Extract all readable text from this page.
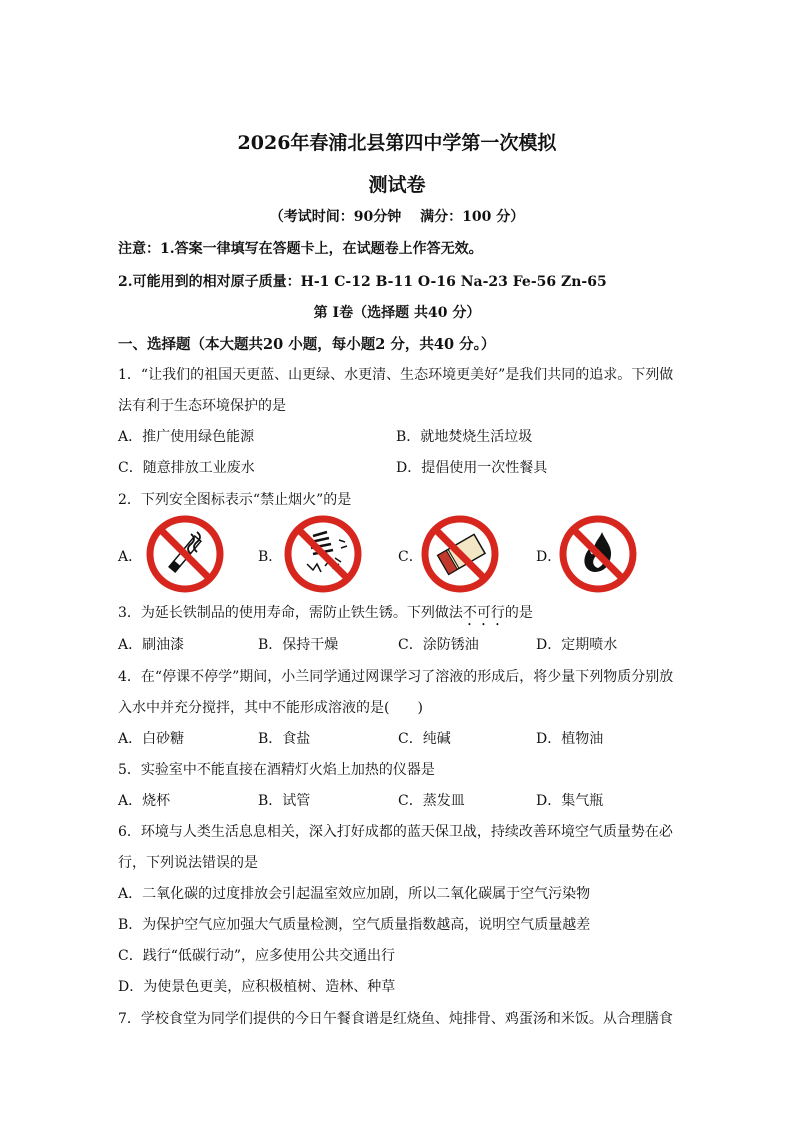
2026年春浦北县第四中学第一次模拟
测试卷
（考试时间：90分钟　 满分：100 分）
注意：1.答案一律填写在答题卡上，在试题卷上作答无效。
2.可能用到的相对原子质量：H-1 C-12 B-11 O-16 Na-23 Fe-56 Zn-65
第 I卷（选择题 共40 分）
一、选择题（本大题共20 小题，每小题2 分，共40 分。）
1．“让我们的祖国天更蓝、山更绿、水更清、生态环境更美好”是我们共同的追求。下列做
法有利于生态环境保护的是
A．推广使用绿色能源	B．就地焚烧生活垃圾
C．随意排放工业废水	D．提倡使用一次性餐具
2．下列安全图标表示“禁止烟火”的是
A．	B．	C．	D．
3．为延长铁制品的使用寿命，需防止铁生锈。下列做法不可行的是
A．刷油漆	B．保持干燥	C．涂防锈油	D．定期喷水
4．在“停课不停学”期间，小兰同学通过网课学习了溶液的形成后，将少量下列物质分别放
入水中并充分搅拌，其中不能形成溶液的是(　　)
A．白砂糖	B．食盐	C．纯碱	D．植物油
5．实验室中不能直接在酒精灯火焰上加热的仪器是
A．烧杯	B．试管	C．蒸发皿	D．集气瓶
6．环境与人类生活息息相关，深入打好成都的蓝天保卫战，持续改善环境空气质量势在必
行，下列说法错误的是
A．二氧化碳的过度排放会引起温室效应加剧，所以二氧化碳属于空气污染物
B．为保护空气应加强大气质量检测，空气质量指数越高，说明空气质量越差
C．践行“低碳行动”，应多使用公共交通出行
D．为使景色更美，应积极植树、造林、种草
7．学校食堂为同学们提供的今日午餐食谱是红烧鱼、炖排骨、鸡蛋汤和米饭。从合理膳食
